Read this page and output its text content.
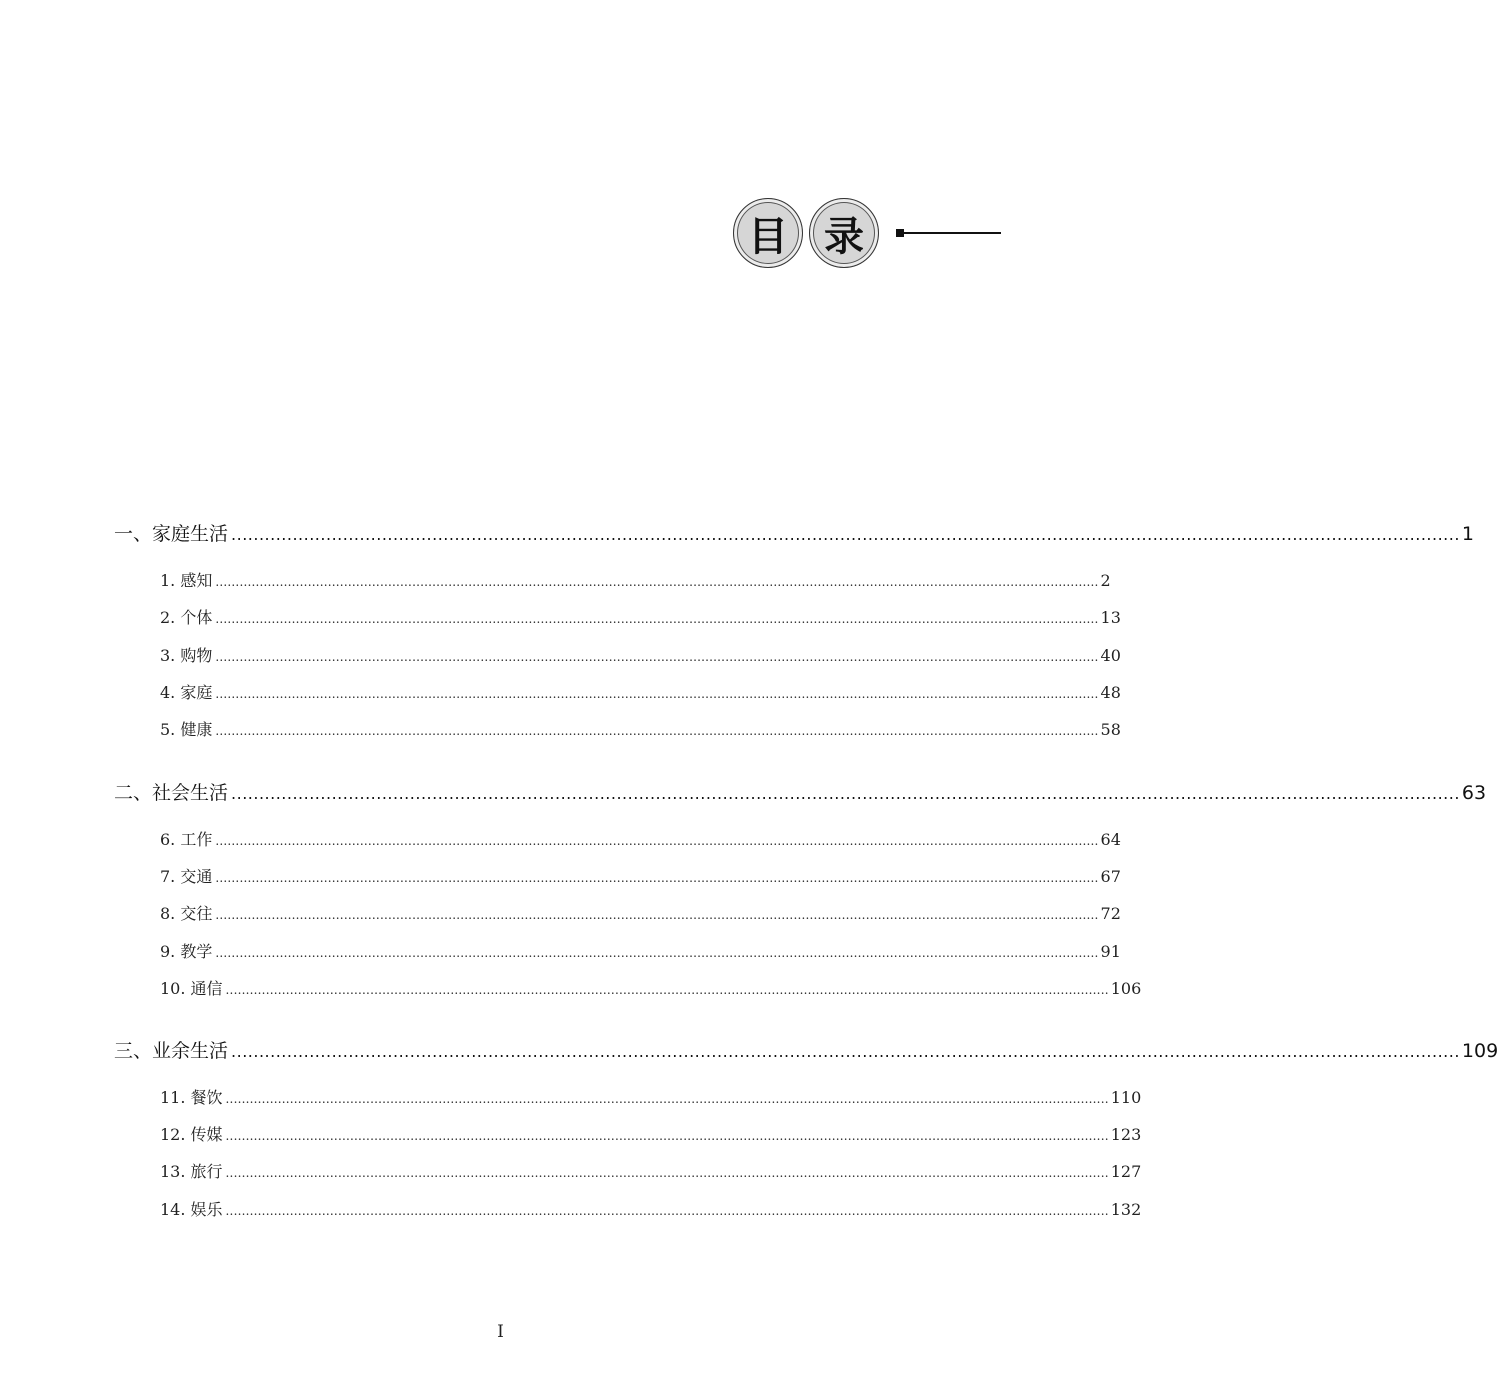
目 录
一、家庭生活 ............................................................................................................................................................................................................................ 1
1. 感知 ............................................................................................................................................................................................................................ 2
2. 个体 ............................................................................................................................................................................................................................ 13
3. 购物 ............................................................................................................................................................................................................................ 40
4. 家庭 ............................................................................................................................................................................................................................ 48
5. 健康 ............................................................................................................................................................................................................................ 58
二、社会生活 ............................................................................................................................................................................................................................ 63
6. 工作 ............................................................................................................................................................................................................................ 64
7. 交通 ............................................................................................................................................................................................................................ 67
8. 交往 ............................................................................................................................................................................................................................ 72
9. 教学 ............................................................................................................................................................................................................................ 91
10. 通信 ............................................................................................................................................................................................................................ 106
三、业余生活 ............................................................................................................................................................................................................................ 109
11. 餐饮 ............................................................................................................................................................................................................................ 110
12. 传媒 ............................................................................................................................................................................................................................ 123
13. 旅行 ............................................................................................................................................................................................................................ 127
14. 娱乐 ............................................................................................................................................................................................................................ 132
I
